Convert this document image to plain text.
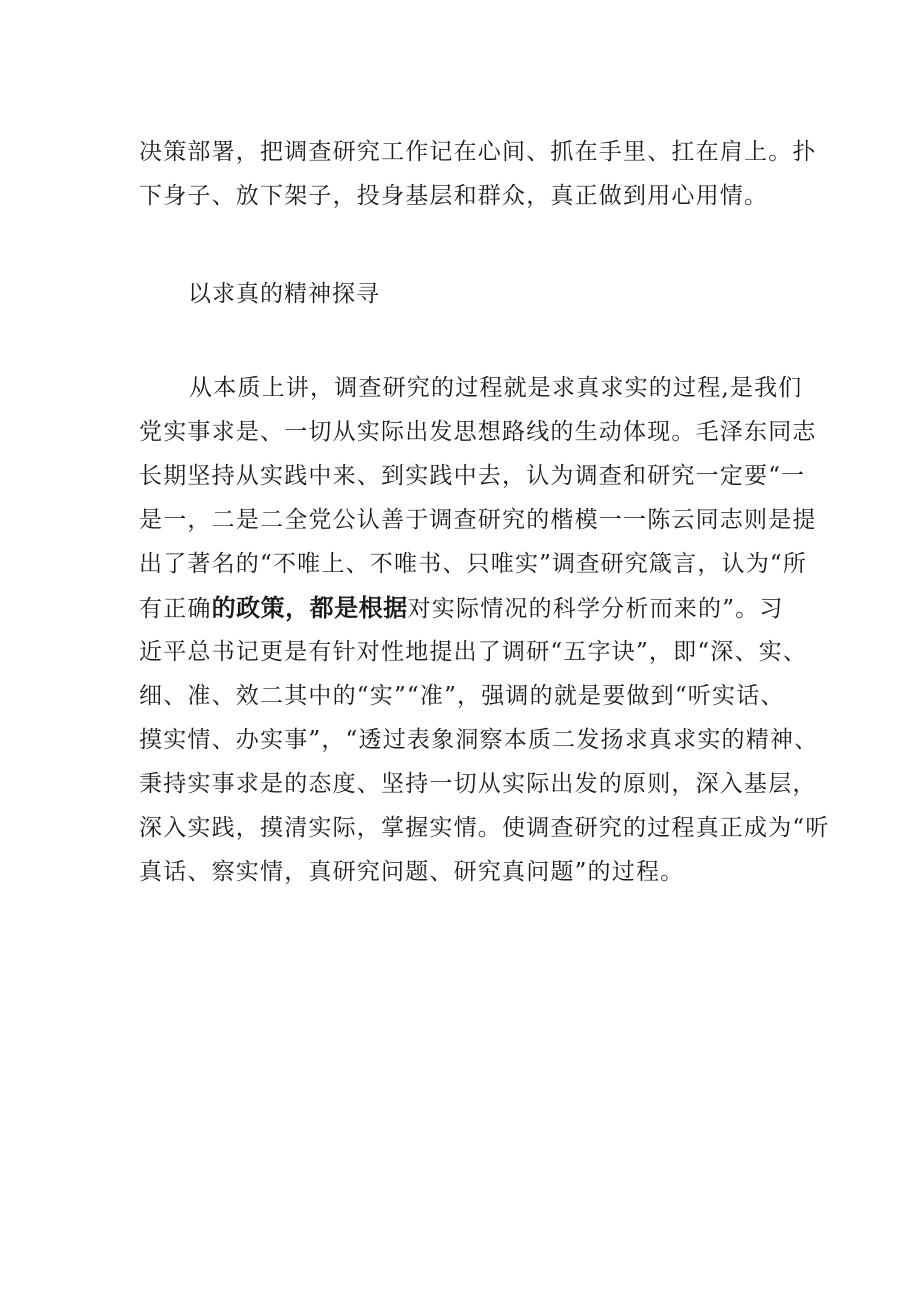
决策部署，把调查研究工作记在心间、抓在手里、扛在肩上。扑
下身子、放下架子，投身基层和群众，真正做到用心用情。
以求真的精神探寻
从本质上讲，调查研究的过程就是求真求实的过程,是我们
党实事求是、一切从实际出发思想路线的生动体现。毛泽东同志
长期坚持从实践中来、到实践中去，认为调查和研究一定要“一
是一，二是二全党公认善于调查研究的楷模一一陈云同志则是提
出了著名的“不唯上、不唯书、只唯实”调查研究箴言，认为“所
有正确的政策，都是根据对实际情况的科学分析而来的”。习
近平总书记更是有针对性地提出了调研“五字诀”，即“深、实、
细、准、效二其中的“实”“准”，强调的就是要做到“听实话、
摸实情、办实事”，“透过表象洞察本质二发扬求真求实的精神、
秉持实事求是的态度、坚持一切从实际出发的原则，深入基层，
深入实践，摸清实际，掌握实情。使调查研究的过程真正成为“听
真话、察实情，真研究问题、研究真问题”的过程。
